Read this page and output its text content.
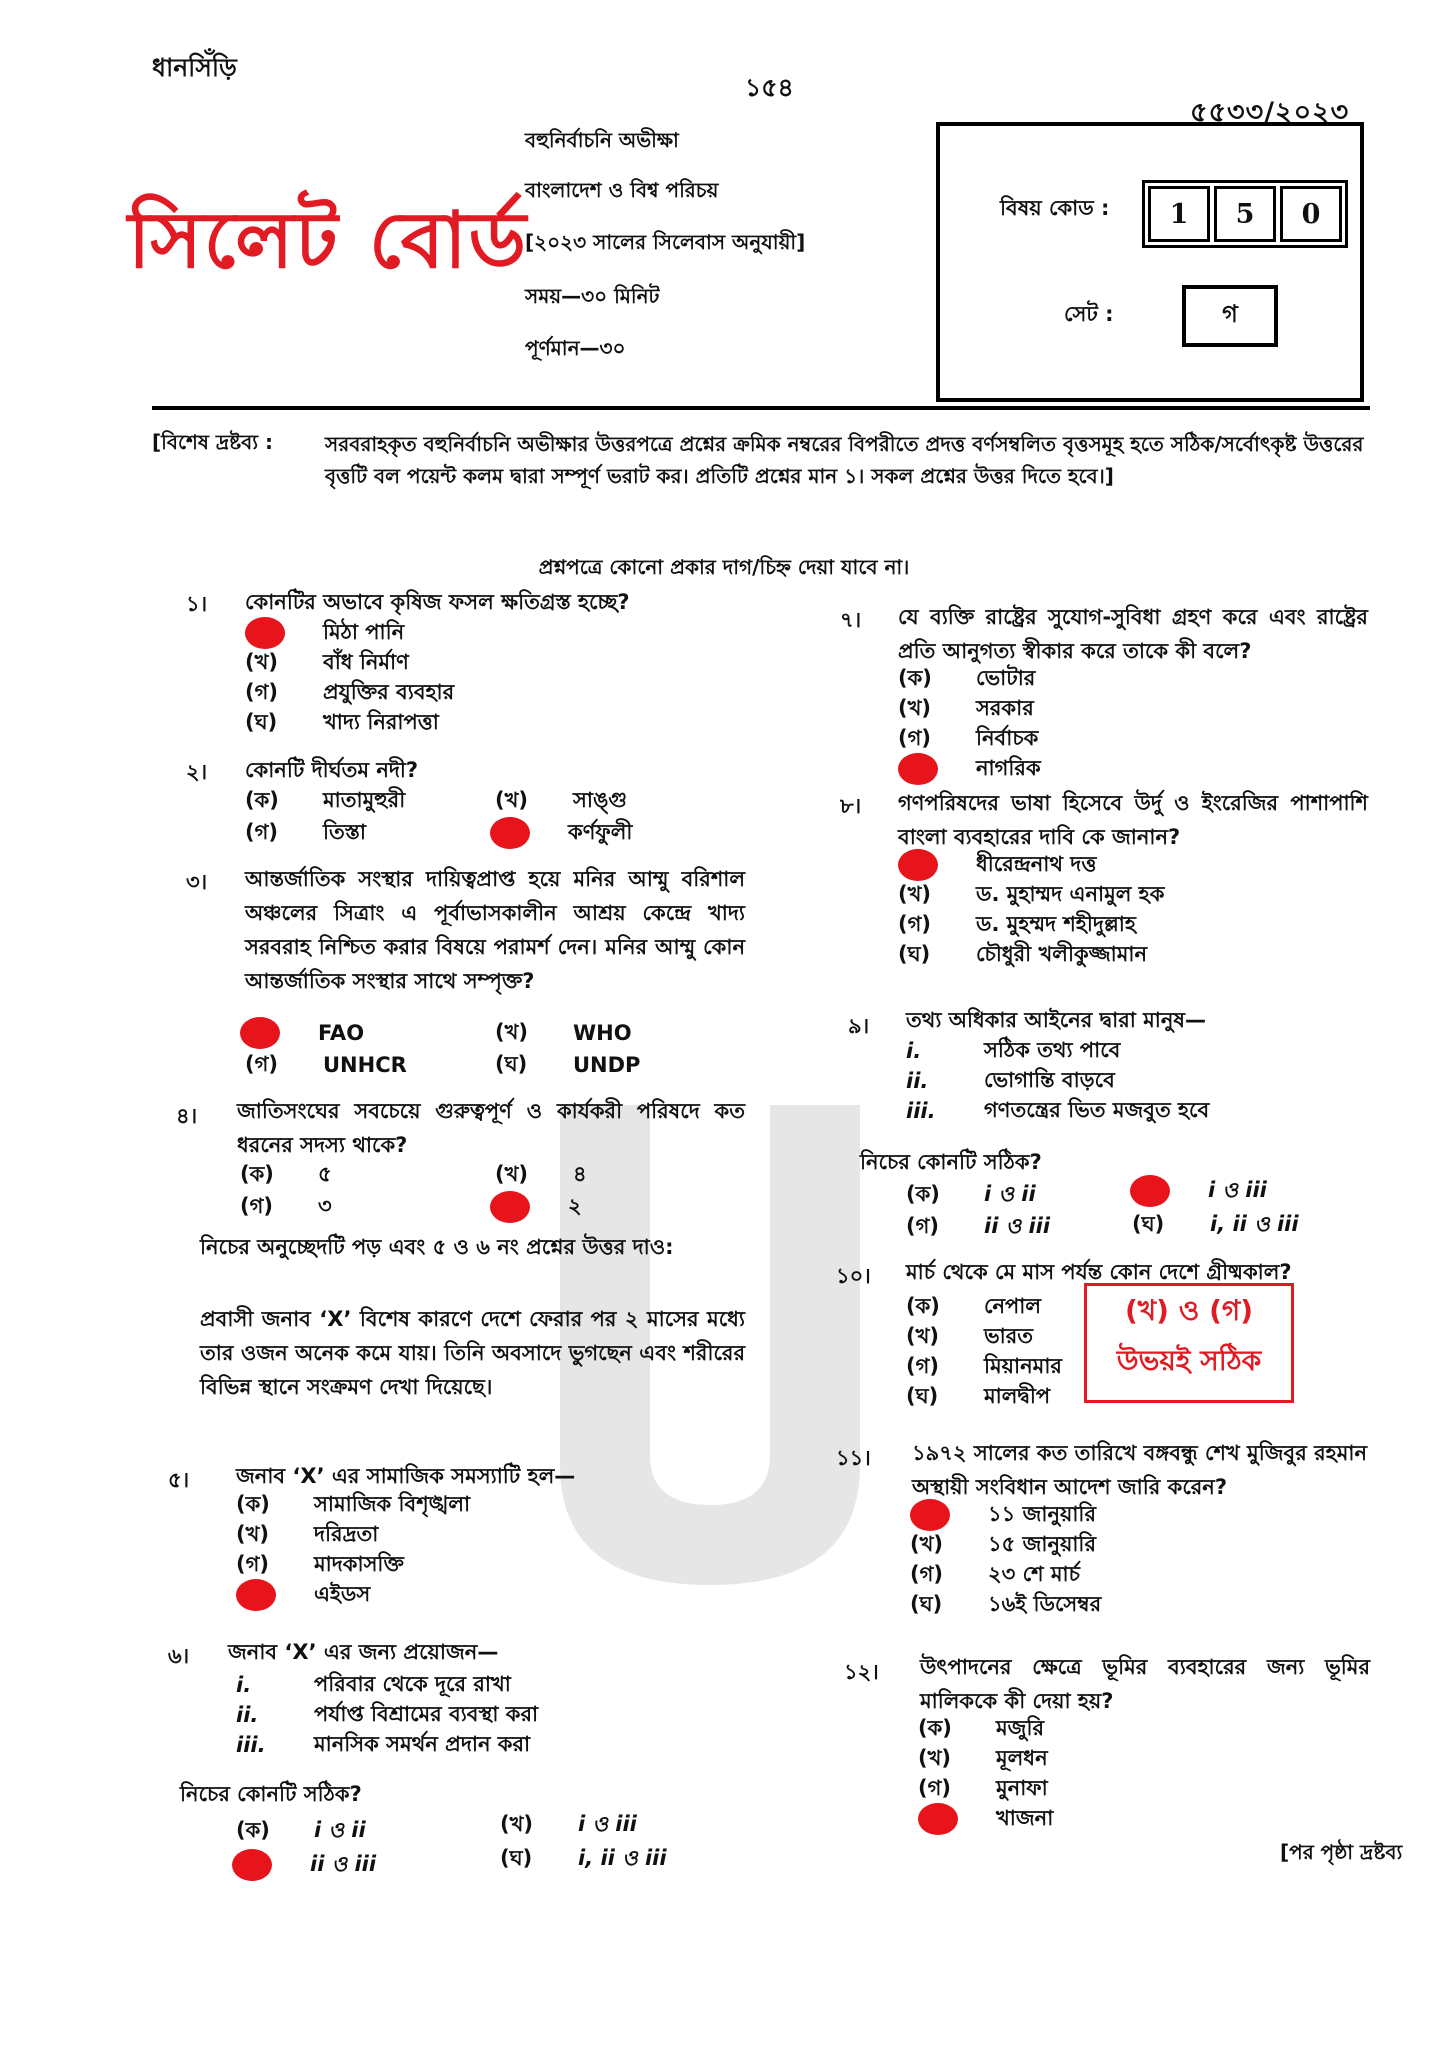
ধানসিঁড়ি
১৫৪
৫৫৩৩/২০২৩
সিলেট বোর্ড
বহুনির্বাচনি অভীক্ষা
বাংলাদেশ ও বিশ্ব পরিচয়
[২০২৩ সালের সিলেবাস অনুযায়ী]
সময়—৩০ মিনিট
পূর্ণমান—৩০
বিষয় কোড :	1	5	0
সেট :	গ
[বিশেষ দ্রষ্টব্য :	সরবরাহকৃত বহুনির্বাচনি অভীক্ষার উত্তরপত্রে প্রশ্নের ক্রমিক নম্বরের বিপরীতে প্রদত্ত বর্ণসম্বলিত বৃত্তসমূহ হতে সঠিক/সর্বোৎকৃষ্ট উত্তরের বৃত্তটি বল পয়েন্ট কলম দ্বারা সম্পূর্ণ ভরাট কর। প্রতিটি প্রশ্নের মান ১। সকল প্রশ্নের উত্তর দিতে হবে।]
প্রশ্নপত্রে কোনো প্রকার দাগ/চিহ্ন দেয়া যাবে না।
১। কোনটির অভাবে কৃষিজ ফসল ক্ষতিগ্রস্ত হচ্ছে?
মিঠা পানি
(খ)	বাঁধ নির্মাণ
(গ)	প্রযুক্তির ব্যবহার
(ঘ)	খাদ্য নিরাপত্তা
২। কোনটি দীর্ঘতম নদী?
(ক)	মাতামুহুরী	(খ)	সাঙ্গু
(গ)	তিস্তা	কর্ণফুলী
৩। আন্তর্জাতিক সংস্থার দায়িত্বপ্রাপ্ত হয়ে মনির আম্মু বরিশাল অঞ্চলের সিত্রাং এ পূর্বাভাসকালীন আশ্রয় কেন্দ্রে খাদ্য সরবরাহ নিশ্চিত করার বিষয়ে পরামর্শ দেন। মনির আম্মু কোন আন্তর্জাতিক সংস্থার সাথে সম্পৃক্ত?
FAO	(খ)	WHO
(গ)	UNHCR	(ঘ)	UNDP
৪। জাতিসংঘের সবচেয়ে গুরুত্বপূর্ণ ও কার্যকরী পরিষদে কত ধরনের সদস্য থাকে?
(ক)	৫	(খ)	৪
(গ)	৩	২
নিচের অনুচ্ছেদটি পড় এবং ৫ ও ৬ নং প্রশ্নের উত্তর দাও:
প্রবাসী জনাব ‘X’ বিশেষ কারণে দেশে ফেরার পর ২ মাসের মধ্যে তার ওজন অনেক কমে যায়। তিনি অবসাদে ভুগছেন এবং শরীরের বিভিন্ন স্থানে সংক্রমণ দেখা দিয়েছে।
৫। জনাব ‘X’ এর সামাজিক সমস্যাটি হল—
(ক)	সামাজিক বিশৃঙ্খলা
(খ)	দরিদ্রতা
(গ)	মাদকাসক্তি
এইডস
৬। জনাব ‘X’ এর জন্য প্রয়োজন—
i.	পরিবার থেকে দূরে রাখা
ii.	পর্যাপ্ত বিশ্রামের ব্যবস্থা করা
iii.	মানসিক সমর্থন প্রদান করা
নিচের কোনটি সঠিক?
(ক)	i ও ii	(খ)	i ও iii
ii ও iii	(ঘ)	i, ii ও iii
৭। যে ব্যক্তি রাষ্ট্রের সুযোগ-সুবিধা গ্রহণ করে এবং রাষ্ট্রের প্রতি আনুগত্য স্বীকার করে তাকে কী বলে?
(ক)	ভোটার
(খ)	সরকার
(গ)	নির্বাচক
নাগরিক
৮। গণপরিষদের ভাষা হিসেবে উর্দু ও ইংরেজির পাশাপাশি বাংলা ব্যবহারের দাবি কে জানান?
ধীরেন্দ্রনাথ দত্ত
(খ)	ড. মুহাম্মদ এনামুল হক
(গ)	ড. মুহম্মদ শহীদুল্লাহ
(ঘ)	চৌধুরী খলীকুজ্জামান
৯। তথ্য অধিকার আইনের দ্বারা মানুষ—
i.	সঠিক তথ্য পাবে
ii.	ভোগান্তি বাড়বে
iii.	গণতন্ত্রের ভিত মজবুত হবে
নিচের কোনটি সঠিক?
(ক)	i ও ii	i ও iii
(গ)	ii ও iii	(ঘ)	i, ii ও iii
১০। মার্চ থেকে মে মাস পর্যন্ত কোন দেশে গ্রীষ্মকাল?
(ক)	নেপাল
(খ)	ভারত
(গ)	মিয়ানমার
(ঘ)	মালদ্বীপ
(খ) ও (গ)
উভয়ই সঠিক
১১। ১৯৭২ সালের কত তারিখে বঙ্গবন্ধু শেখ মুজিবুর রহমান অস্থায়ী সংবিধান আদেশ জারি করেন?
১১ জানুয়ারি
(খ)	১৫ জানুয়ারি
(গ)	২৩ শে মার্চ
(ঘ)	১৬ই ডিসেম্বর
১২। উৎপাদনের ক্ষেত্রে ভূমির ব্যবহারের জন্য ভূমির মালিককে কী দেয়া হয়?
(ক)	মজুরি
(খ)	মূলধন
(গ)	মুনাফা
খাজনা
[পর পৃষ্ঠা দ্রষ্টব্য
